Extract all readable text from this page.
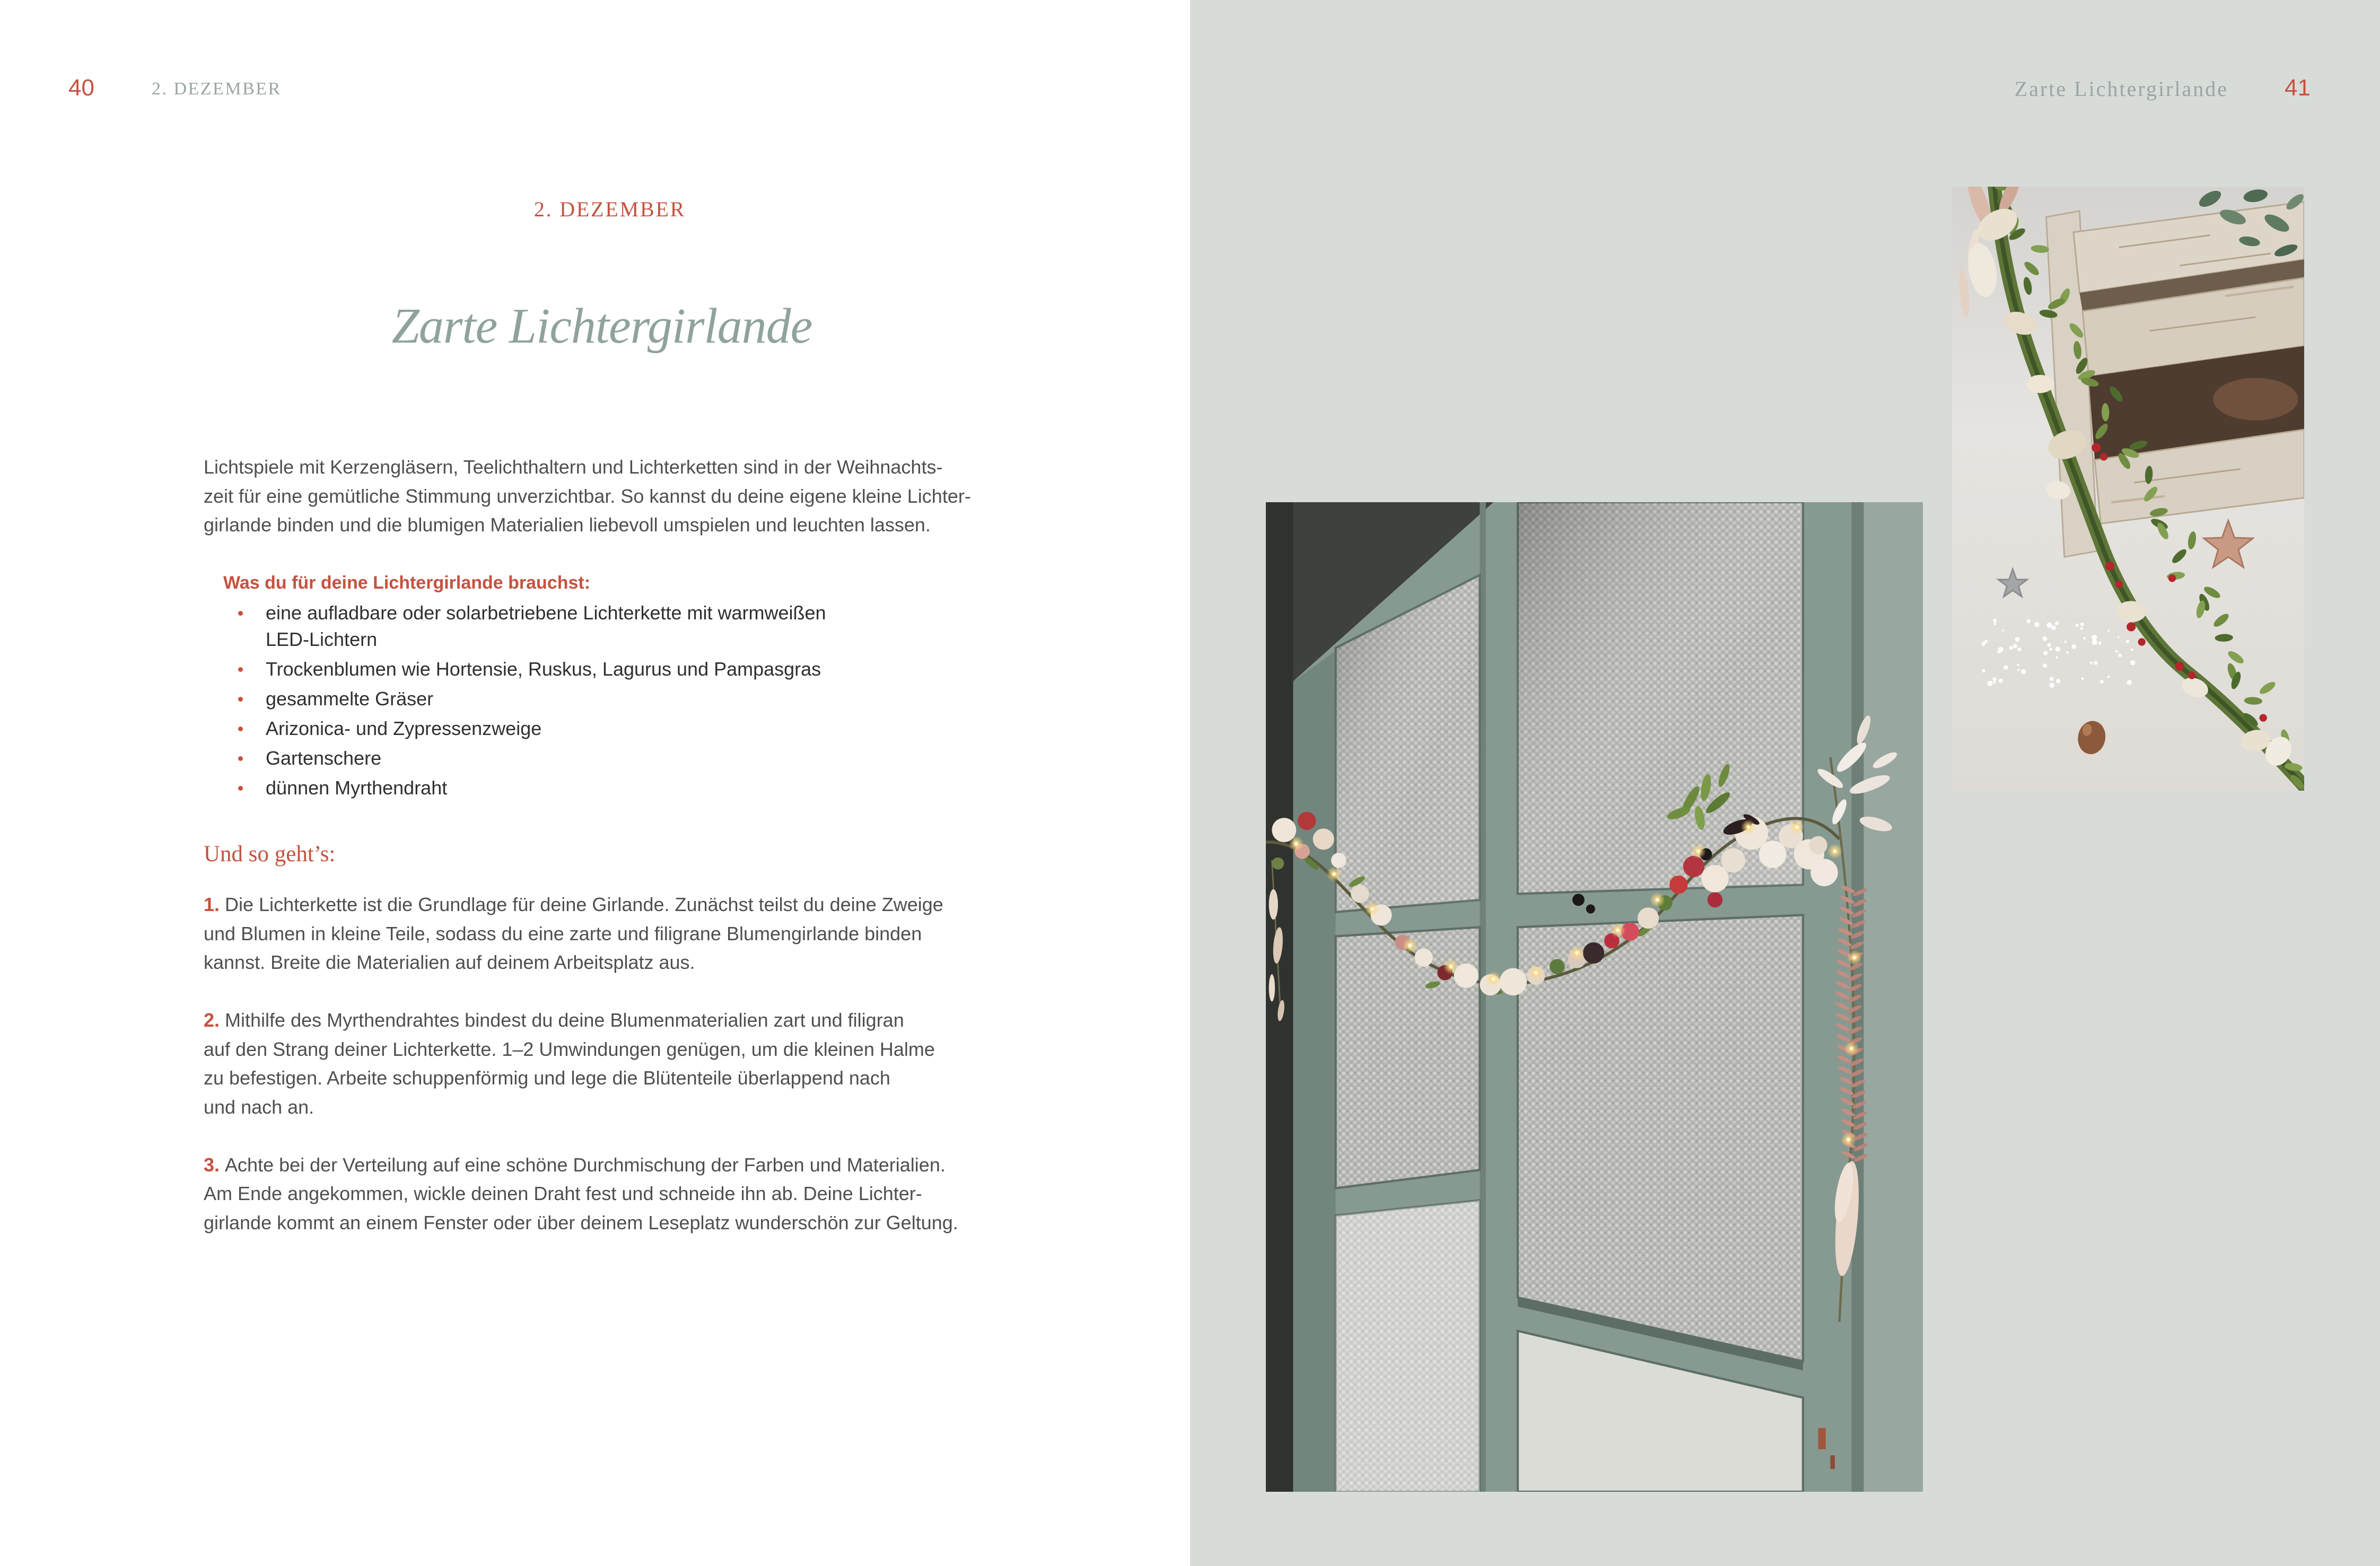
40	2. DEZEMBER
2. DEZEMBER
Zarte Lichtergirlande
Lichtspiele mit Kerzengläsern, Teelichthaltern und Lichterketten sind in der Weihnachts-
zeit für eine gemütliche Stimmung unverzichtbar. So kannst du deine eigene kleine Lichter-
girlande binden und die blumigen Materialien liebevoll umspielen und leuchten lassen.
Was du für deine Lichtergirlande brauchst:
eine aufladbare oder solarbetriebene Lichterkette mit warmweißen
LED-Lichtern
Trockenblumen wie Hortensie, Ruskus, Lagurus und Pampasgras
gesammelte Gräser
Arizonica- und Zypressenzweige
Gartenschere
dünnen Myrthendraht
Und so geht’s:
1. Die Lichterkette ist die Grundlage für deine Girlande. Zunächst teilst du deine Zweige
und Blumen in kleine Teile, sodass du eine zarte und filigrane Blumengirlande binden
kannst. Breite die Materialien auf deinem Arbeitsplatz aus.
2. Mithilfe des Myrthendrahtes bindest du deine Blumenmaterialien zart und filigran
auf den Strang deiner Lichterkette. 1–2 Umwindungen genügen, um die kleinen Halme
zu befestigen. Arbeite schuppenförmig und lege die Blütenteile überlappend nach
und nach an.
3. Achte bei der Verteilung auf eine schöne Durchmischung der Farben und Materialien.
Am Ende angekommen, wickle deinen Draht fest und schneide ihn ab. Deine Lichter-
girlande kommt an einem Fenster oder über deinem Leseplatz wunderschön zur Geltung.
Zarte Lichtergirlande 41
